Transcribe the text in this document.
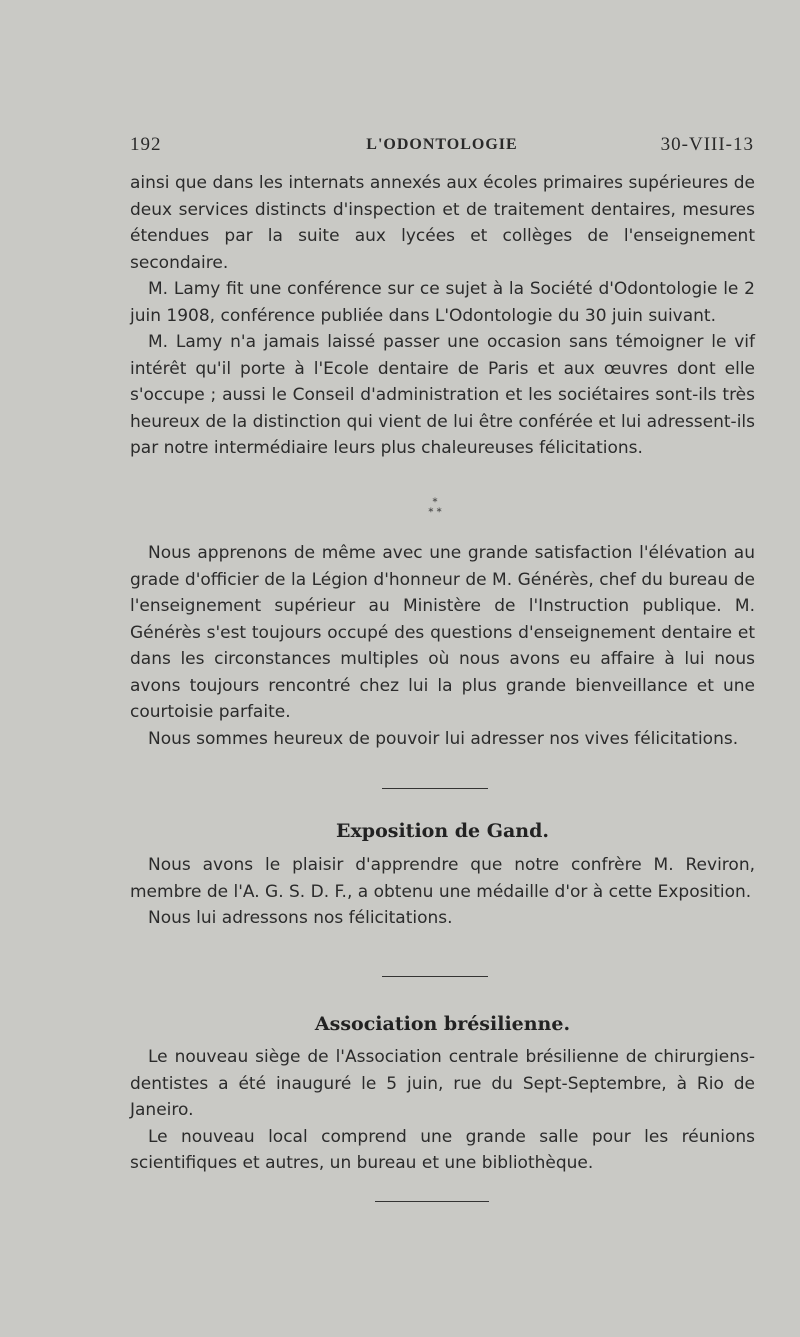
192	L'ODONTOLOGIE	30-VIII-13

ainsi que dans les internats annexés aux écoles primaires supérieures de deux services distincts d'inspection et de traitement dentaires, mesures étendues par la suite aux lycées et collèges de l'enseignement secondaire.

M. Lamy fit une conférence sur ce sujet à la Société d'Odontologie le 2 juin 1908, conférence publiée dans L'Odontologie du 30 juin suivant.

M. Lamy n'a jamais laissé passer une occasion sans témoigner le vif intérêt qu'il porte à l'Ecole dentaire de Paris et aux œuvres dont elle s'occupe ; aussi le Conseil d'administration et les sociétaires sont-ils très heureux de la distinction qui vient de lui être conférée et lui adressent-ils par notre intermédiaire leurs plus chaleureuses félicitations.

*
* *

Nous apprenons de même avec une grande satisfaction l'élévation au grade d'officier de la Légion d'honneur de M. Générès, chef du bureau de l'enseignement supérieur au Ministère de l'Instruction publique. M. Générès s'est toujours occupé des questions d'enseignement dentaire et dans les circonstances multiples où nous avons eu affaire à lui nous avons toujours rencontré chez lui la plus grande bienveillance et une courtoisie parfaite.

Nous sommes heureux de pouvoir lui adresser nos vives félicitations.

Exposition de Gand.

Nous avons le plaisir d'apprendre que notre confrère M. Reviron, membre de l'A. G. S. D. F., a obtenu une médaille d'or à cette Exposition.

Nous lui adressons nos félicitations.

Association brésilienne.

Le nouveau siège de l'Association centrale brésilienne de chirurgiens-dentistes a été inauguré le 5 juin, rue du Sept-Septembre, à Rio de Janeiro.

Le nouveau local comprend une grande salle pour les réunions scientifiques et autres, un bureau et une bibliothèque.
